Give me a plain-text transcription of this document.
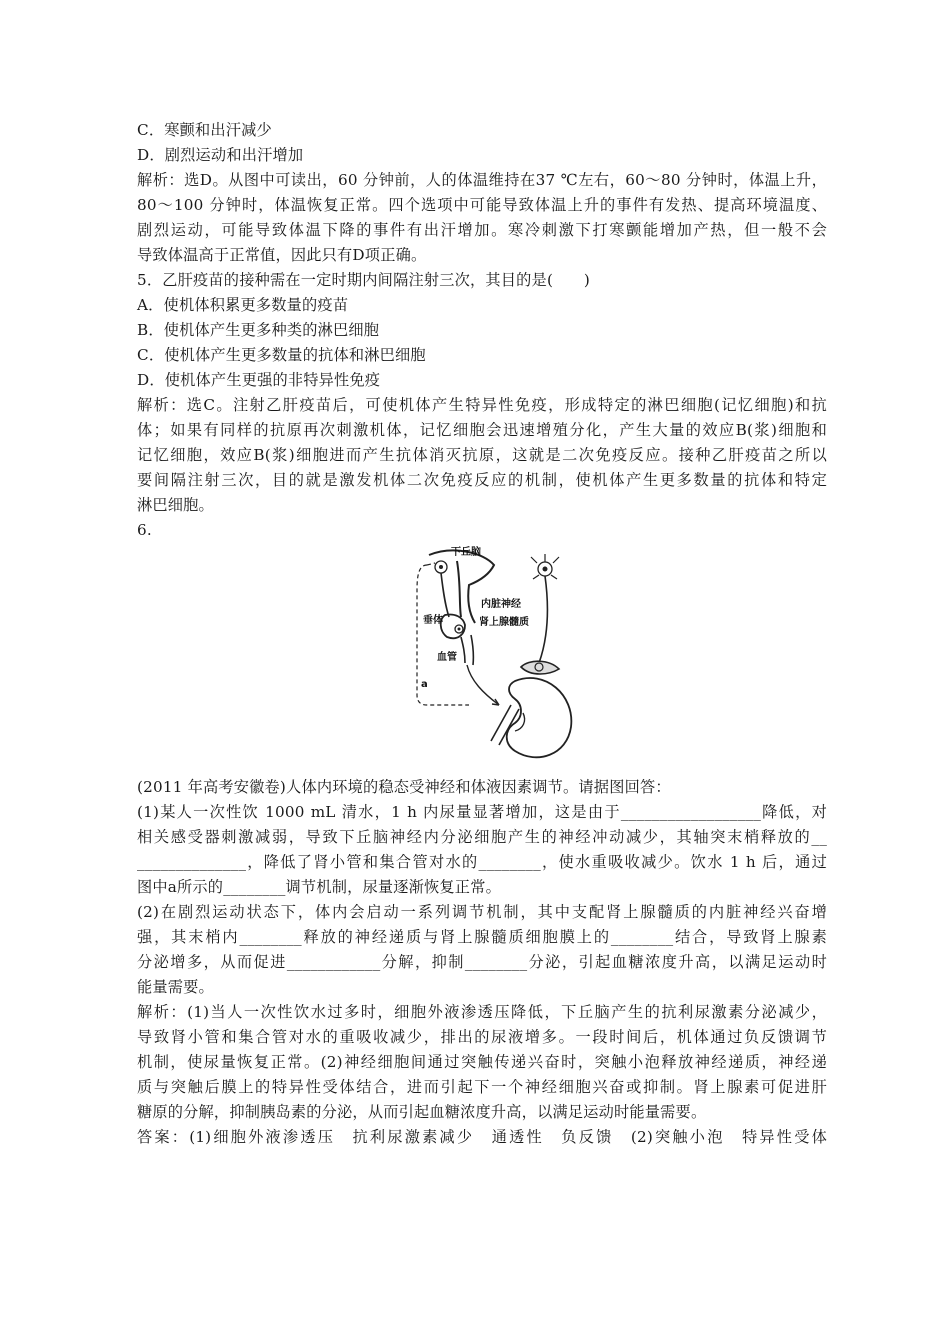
C．寒颤和出汗减少
D．剧烈运动和出汗增加
解析：选D。从图中可读出，60 分钟前，人的体温维持在37 ℃左右，60～80 分钟时，体温上升，
80～100 分钟时，体温恢复正常。四个选项中可能导致体温上升的事件有发热、提高环境温度、
剧烈运动，可能导致体温下降的事件有出汗增加。寒冷刺激下打寒颤能增加产热，但一般不会
导致体温高于正常值，因此只有D项正确。
5．乙肝疫苗的接种需在一定时期内间隔注射三次，其目的是(　　)
A．使机体积累更多数量的疫苗
B．使机体产生更多种类的淋巴细胞
C．使机体产生更多数量的抗体和淋巴细胞
D．使机体产生更强的非特异性免疫
解析：选C。注射乙肝疫苗后，可使机体产生特异性免疫，形成特定的淋巴细胞(记忆细胞)和抗
体；如果有同样的抗原再次刺激机体，记忆细胞会迅速增殖分化，产生大量的效应B(浆)细胞和
记忆细胞，效应B(浆)细胞进而产生抗体消灭抗原，这就是二次免疫反应。接种乙肝疫苗之所以
要间隔注射三次，目的就是激发机体二次免疫反应的机制，使机体产生更多数量的抗体和特定
淋巴细胞。
6.
下丘脑
内脏神经
垂体	肾上腺髓质
血管
a
(2011 年高考安徽卷)人体内环境的稳态受神经和体液因素调节。请据图回答：
(1)某人一次性饮 1000 mL 清水，1 h 内尿量显著增加，这是由于__________________降低，对
相关感受器刺激减弱，导致下丘脑神经内分泌细胞产生的神经冲动减少，其轴突末梢释放的__
______________，降低了肾小管和集合管对水的________，使水重吸收减少。饮水 1 h 后，通过
图中a所示的________调节机制，尿量逐渐恢复正常。
(2)在剧烈运动状态下，体内会启动一系列调节机制，其中支配肾上腺髓质的内脏神经兴奋增
强，其末梢内________释放的神经递质与肾上腺髓质细胞膜上的________结合，导致肾上腺素
分泌增多，从而促进____________分解，抑制________分泌，引起血糖浓度升高，以满足运动时
能量需要。
解析：(1)当人一次性饮水过多时，细胞外液渗透压降低，下丘脑产生的抗利尿激素分泌减少，
导致肾小管和集合管对水的重吸收减少，排出的尿液增多。一段时间后，机体通过负反馈调节
机制，使尿量恢复正常。(2)神经细胞间通过突触传递兴奋时，突触小泡释放神经递质，神经递
质与突触后膜上的特异性受体结合，进而引起下一个神经细胞兴奋或抑制。肾上腺素可促进肝
糖原的分解，抑制胰岛素的分泌，从而引起血糖浓度升高，以满足运动时能量需要。
答案：(1)细胞外液渗透压　抗利尿激素减少　通透性　负反馈　(2)突触小泡　特异性受体
